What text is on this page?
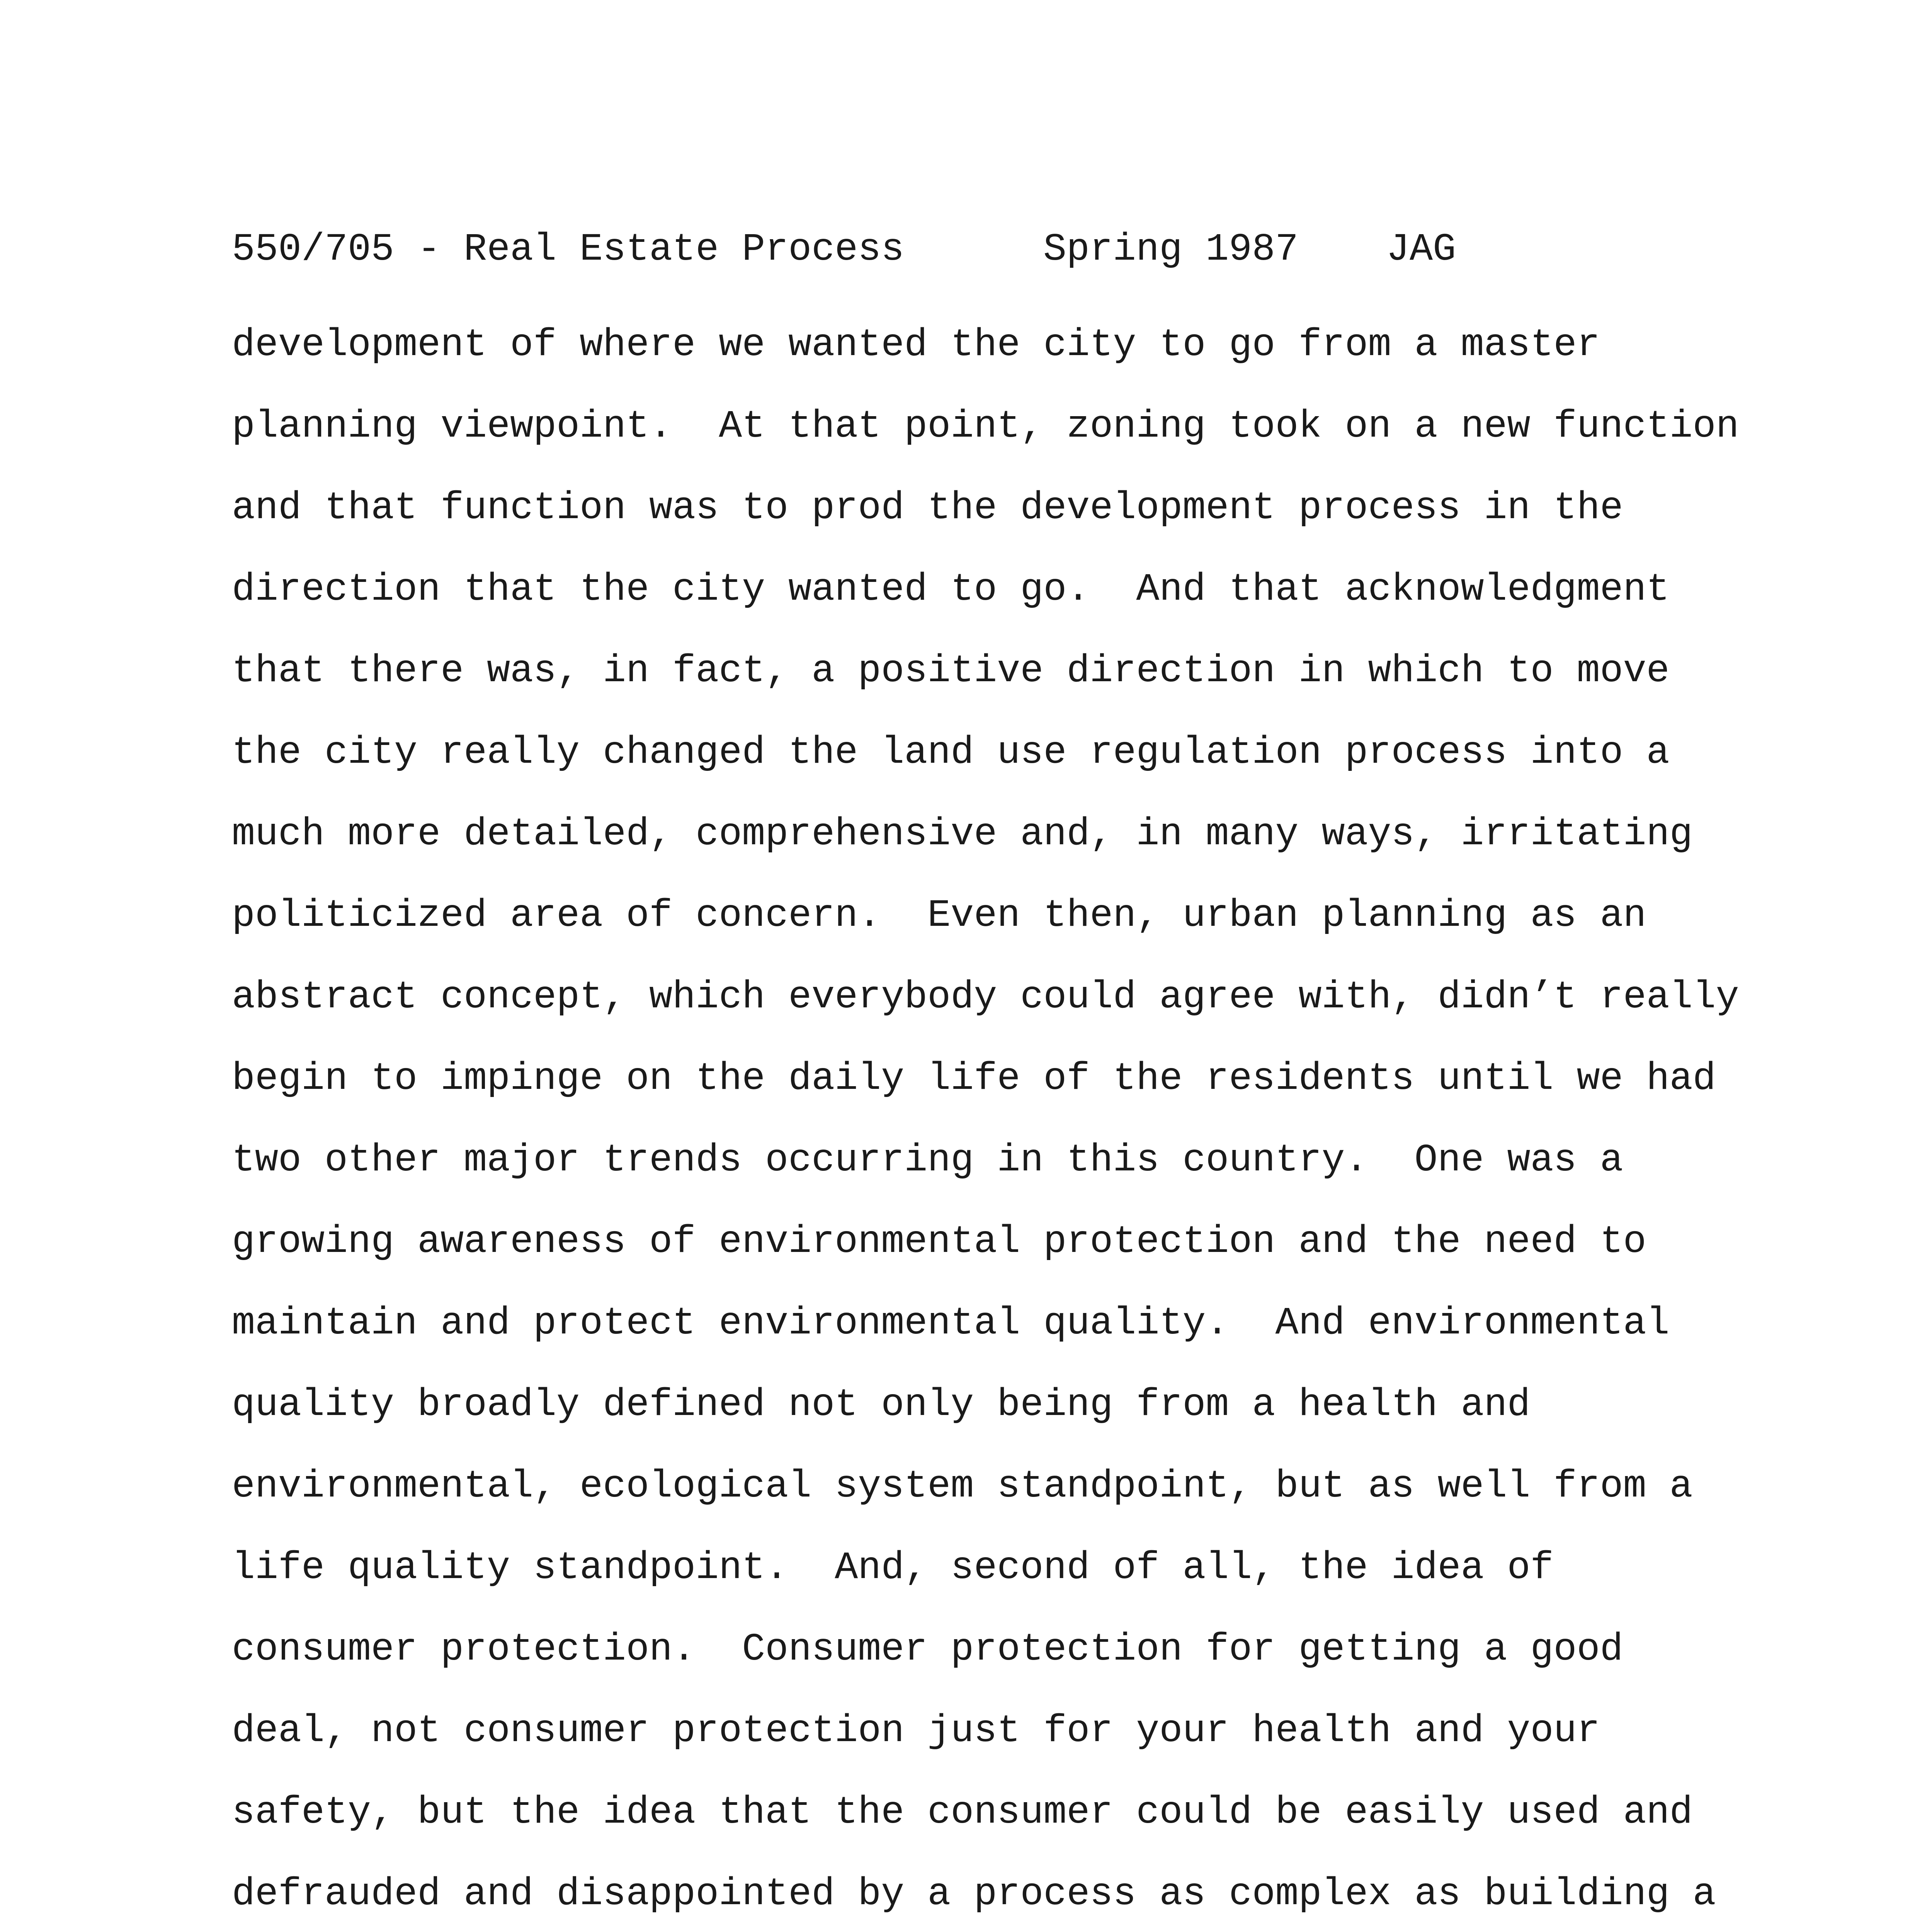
550/705 - Real Estate Process

	Spring 1987

JAG

development of where we wanted the city to go from a master
planning viewpoint.  At that point, zoning took on a new function
and that function was to prod the development process in the
direction that the city wanted to go.  And that acknowledgment
that there was, in fact, a positive direction in which to move
the city really changed the land use regulation process into a
much more detailed, comprehensive and, in many ways, irritating
politicized area of concern.  Even then, urban planning as an
abstract concept, which everybody could agree with, didn’t really
begin to impinge on the daily life of the residents until we had
two other major trends occurring in this country.  One was a
growing awareness of environmental protection and the need to
maintain and protect environmental quality.  And environmental
quality broadly defined not only being from a health and
environmental, ecological system standpoint, but as well from a
life quality standpoint.  And, second of all, the idea of
consumer protection.  Consumer protection for getting a good
deal, not consumer protection just for your health and your
safety, but the idea that the consumer could be easily used and
defrauded and disappointed by a process as complex as building a
